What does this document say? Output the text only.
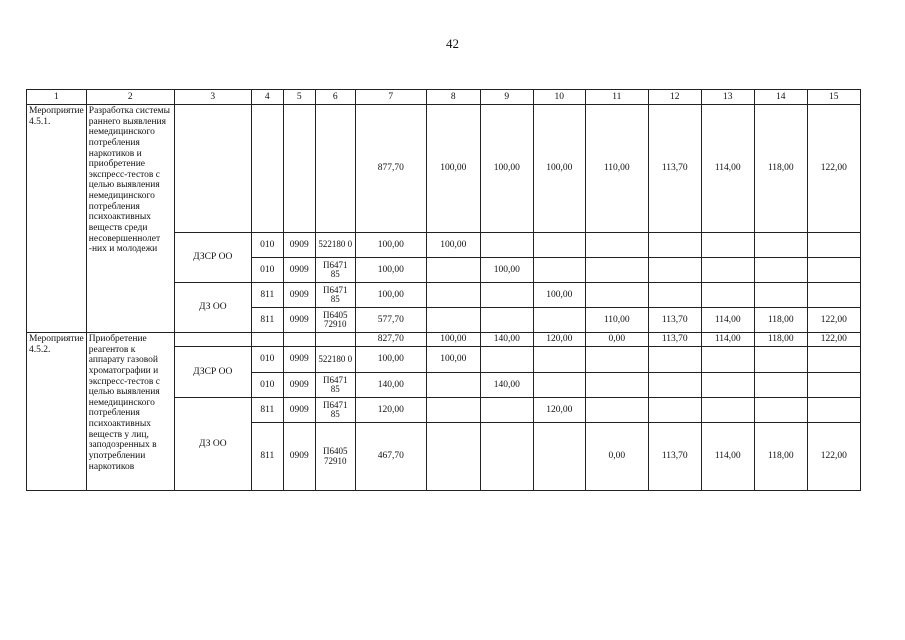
42
1	2	3	4	5	6	7	8	9	10	11	12	13	14	15
Мероприятие 4.5.1.	Разработка системы раннего выявления немедицинского потребления наркотиков и приобретение экспресс-тестов с целью выявления немедицинского потребления психоактивных веществ среди несовершеннолет -них и молодежи					877,70	100,00	100,00	100,00	110,00	113,70	114,00	118,00	122,00
		ДЗСР ОО	010	0909	522180 0	100,00	100,00							
			010	0909	П6471 85	100,00		100,00						
		ДЗ ОО	811	0909	П6471 85	100,00			100,00					
			811	0909	П6405 72910	577,70				110,00	113,70	114,00	118,00	122,00
Мероприятие 4.5.2.	Приобретение реагентов к аппарату газовой хроматографии и экспресс-тестов с целью выявления немедицинского потребления психоактивных веществ у лиц, заподозренных в употреблении наркотиков					827,70	100,00	140,00	120,00	0,00	113,70	114,00	118,00	122,00
		ДЗСР ОО	010	0909	522180 0	100,00	100,00							
			010	0909	П6471 85	140,00		140,00						
		ДЗ ОО	811	0909	П6471 85	120,00			120,00					
			811	0909	П6405 72910	467,70				0,00	113,70	114,00	118,00	122,00
